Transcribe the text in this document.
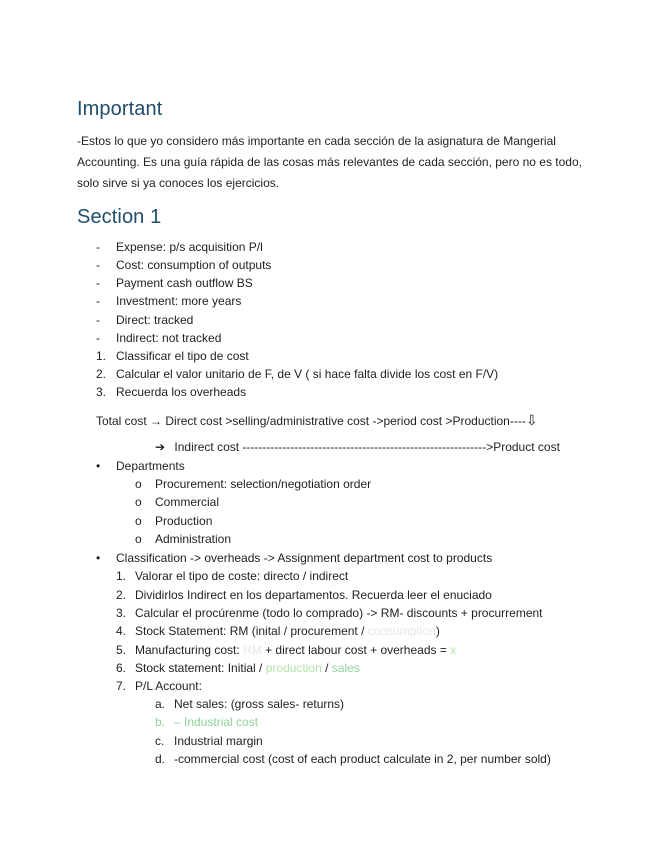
Important

-Estos lo que yo considero más importante en cada sección de la asignatura de Mangerial Accounting. Es una guía rápida de las cosas más relevantes de cada sección, pero no es todo, solo sirve si ya conoces los ejercicios.

Section 1
- Expense: p/s acquisition P/l
- Cost: consumption of outputs
- Payment cash outflow BS
- Investment: more years
- Direct: tracked
- Indirect: not tracked
1. Classificar el tipo de cost
2. Calcular el valor unitario de F, de V ( si hace falta divide los cost en F/V)
3. Recuerda los overheads
Total cost → Direct cost >selling/administrative cost ->period cost >Production----⇩
➔ Indirect cost ------------------------------------------------------------->Product cost
• Departments
o Procurement: selection/negotiation order
o Commercial
o Production
o Administration
• Classification -> overheads -> Assignment department cost to products
1. Valorar el tipo de coste: directo / indirect
2. Dividirlos Indirect en los departamentos. Recuerda leer el enuciado
3. Calcular el procúrenme (todo lo comprado) -> RM- discounts + procurrement
4. Stock Statement: RM (inital / procurement / consumption)
5. Manufacturing cost: RM + direct labour cost + overheads = x
6. Stock statement: Initial / production / sales
7. P/L Account:
a. Net sales: (gross sales- returns)
b. – Industrial cost
c. Industrial margin
d. -commercial cost (cost of each product calculate in 2, per number sold)
